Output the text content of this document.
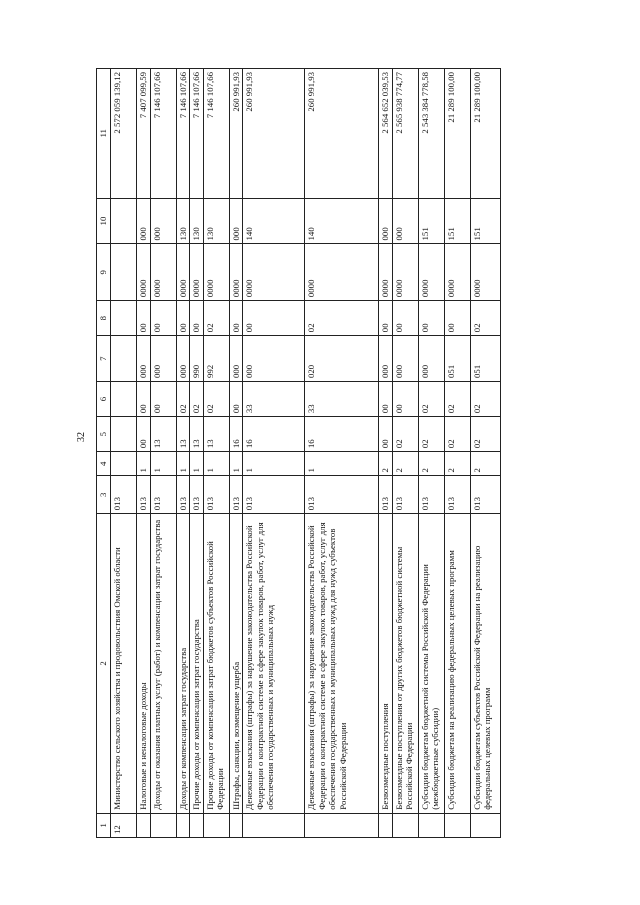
32
1	2	3	4	5	6	7	8	9	10	11
12	Министерство сельского хозяйства и продовольствия Омской области	013								2 572 059 139,12
	Налоговые и неналоговые доходы	013	1	00	00	000	00	0000	000	7 407 099,59
	Доходы от оказания платных услуг (работ) и компенсации затрат государства	013	1	13	00	000	00	0000	000	7 146 107,66
	Доходы от компенсации затрат государства	013	1	13	02	000	00	0000	130	7 146 107,66
	Прочие доходы от компенсации затрат государства	013	1	13	02	990	00	0000	130	7 146 107,66
	Прочие доходы от компенсации затрат бюджетов субъектов Российской Федерации	013	1	13	02	992	02	0000	130	7 146 107,66
	Штрафы, санкции, возмещение ущерба	013	1	16	00	000	00	0000	000	260 991,93
	Денежные взыскания (штрафы) за нарушение законодательства Российской Федерации о контрактной системе в сфере закупок товаров, работ, услуг для обеспечения государственных и муниципальных нужд	013	1	16	33	000	00	0000	140	260 991,93
	Денежные взыскания (штрафы) за нарушение законодательства Российской Федерации о контрактной системе в сфере закупок товаров, работ, услуг для обеспечения государственных и муниципальных нужд для нужд субъектов Российской Федерации	013	1	16	33	020	02	0000	140	260 991,93
	Безвозмездные поступления	013	2	00	00	000	00	0000	000	2 564 652 039,53
	Безвозмездные поступления от других бюджетов бюджетной системы Российской Федерации	013	2	02	00	000	00	0000	000	2 565 938 774,77
	Субсидии бюджетам бюджетной системы Российской Федерации (межбюджетные субсидии)	013	2	02	02	000	00	0000	151	2 543 384 778,58
	Субсидии бюджетам на реализацию федеральных целевых программ	013	2	02	02	051	00	0000	151	21 289 100,00
	Субсидии бюджетам субъектов Российской Федерации на реализацию федеральных целевых программ	013	2	02	02	051	02	0000	151	21 289 100,00
